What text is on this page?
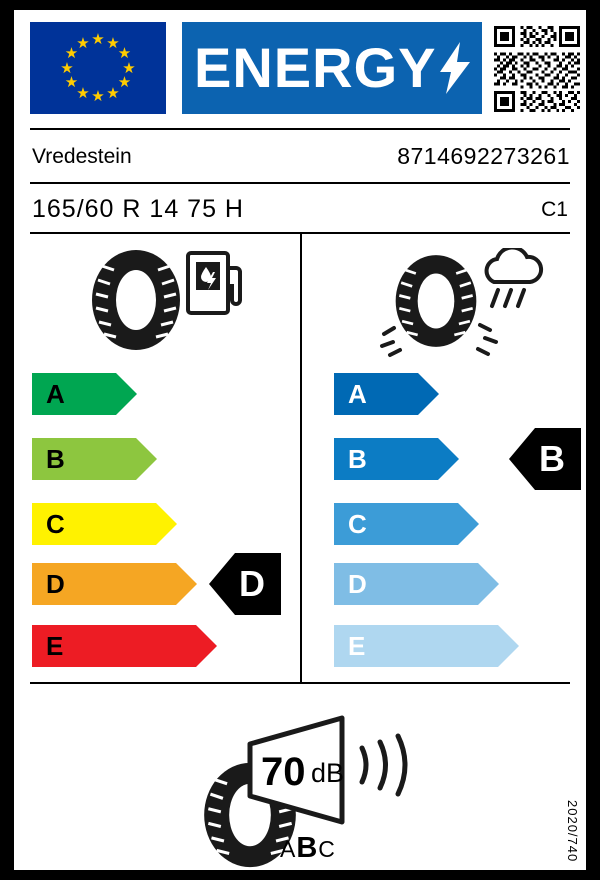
★ ★
★
★
★
★
★
★
★
★
★
★ ENERGY
Vredestein	8714692273261
165/60 R 14 75 H	C1
A
B
C
D
E
D
A
B
C
D
E
B
70 dB
ABC	2020/740
